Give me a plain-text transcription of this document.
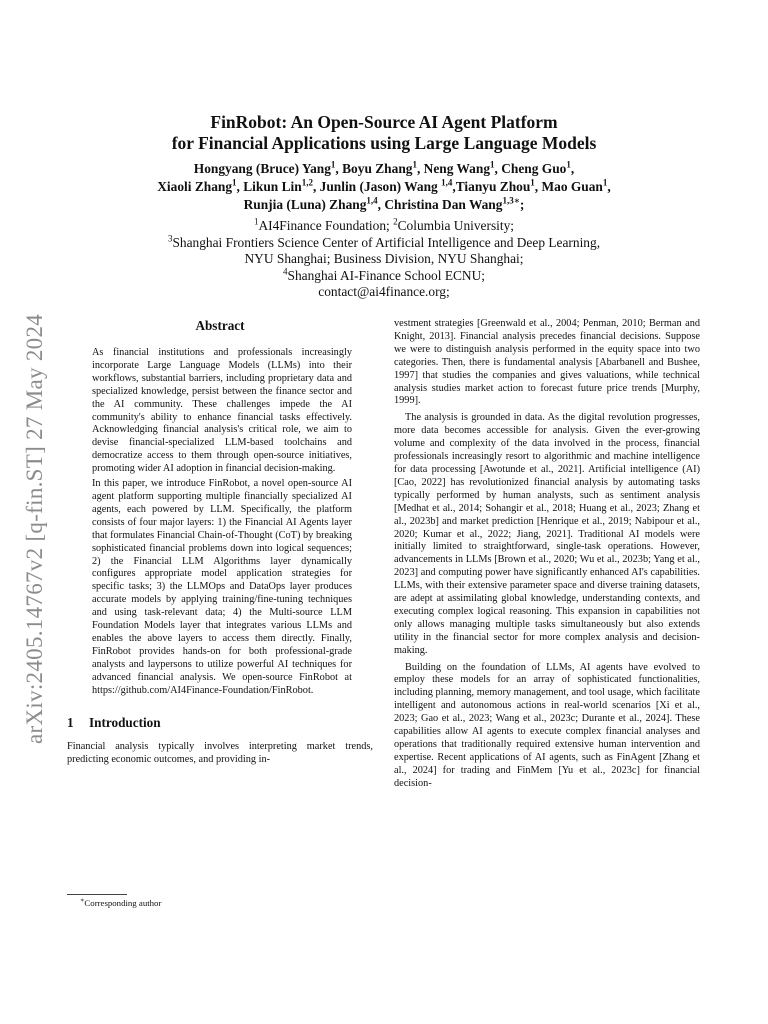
arXiv:2405.14767v2 [q-fin.ST] 27 May 2024
FinRobot: An Open-Source AI Agent Platform
for Financial Applications using Large Language Models
Hongyang (Bruce) Yang$^1$, Boyu Zhang$^1$, Neng Wang$^1$, Cheng Guo$^1$,
Xiaoli Zhang$^1$, Likun Lin$^{1,2}$, Junlin (Jason) Wang $^{1,4}$,Tianyu Zhou$^1$, Mao Guan$^1$,
Runjia (Luna) Zhang$^{1,4}$, Christina Dan Wang$^{1,3∗}$;
$^1$AI4Finance Foundation; $^2$Columbia University;
$^3$Shanghai Frontiers Science Center of Artificial Intelligence and Deep Learning,
NYU Shanghai; Business Division, NYU Shanghai;
$^4$Shanghai AI-Finance School ECNU;
contact@ai4finance.org;
Abstract

As financial institutions and professionals increasingly incorporate Large Language Models (LLMs) into their workflows, substantial barriers, including proprietary data and specialized knowledge, persist between the finance sector and the AI community. These challenges impede the AI community's ability to enhance financial tasks effectively. Acknowledging financial analysis's critical role, we aim to devise financial-specialized LLM-based toolchains and democratize access to them through open-source initiatives, promoting wider AI adoption in financial decision-making.

In this paper, we introduce FinRobot, a novel open-source AI agent platform supporting multiple financially specialized AI agents, each powered by LLM. Specifically, the platform consists of four major layers: 1) the Financial AI Agents layer that formulates Financial Chain-of-Thought (CoT) by breaking sophisticated financial problems down into logical sequences; 2) the Financial LLM Algorithms layer dynamically configures appropriate model application strategies for specific tasks; 3) the LLMOps and DataOps layer produces accurate models by applying training/fine-tuning techniques and using task-relevant data; 4) the Multi-source LLM Foundation Models layer that integrates various LLMs and enables the above layers to access them directly. Finally, FinRobot provides hands-on for both professional-grade analysts and laypersons to utilize powerful AI techniques for advanced financial analysis. We open-source FinRobot at https://github.com/AI4Finance-Foundation/FinRobot.

1 Introduction

Financial analysis typically involves interpreting market trends, predicting economic outcomes, and providing in-

vestment strategies [Greenwald et al., 2004; Penman, 2010; Berman and Knight, 2013]. Financial analysis precedes financial decisions. Suppose we were to distinguish analysis performed in the equity space into two categories. Then, there is fundamental analysis [Abarbanell and Bushee, 1997] that studies the companies and gives valuations, while technical analysis studies market action to forecast future price trends [Murphy, 1999].

The analysis is grounded in data. As the digital revolution progresses, more data becomes accessible for analysis. Given the ever-growing volume and complexity of the data involved in the process, financial professionals increasingly resort to algorithmic and machine intelligence for data processing [Awotunde et al., 2021]. Artificial intelligence (AI) [Cao, 2022] has revolutionized financial analysis by automating tasks typically performed by human analysts, such as sentiment analysis [Medhat et al., 2014; Sohangir et al., 2018; Huang et al., 2023; Zhang et al., 2023b] and market prediction [Henrique et al., 2019; Nabipour et al., 2020; Kumar et al., 2022; Jiang, 2021]. Traditional AI models were initially limited to straightforward, single-task operations. However, advancements in LLMs [Brown et al., 2020; Wu et al., 2023b; Yang et al., 2023] and computing power have significantly enhanced AI's capabilities. LLMs, with their extensive parameter space and diverse training datasets, are adept at assimilating global knowledge, understanding contexts, and executing complex logical reasoning. This expansion in capabilities not only allows managing multiple tasks simultaneously but also extends utility in the financial sector for more complex analysis and decision-making.

Building on the foundation of LLMs, AI agents have evolved to employ these models for an array of sophisticated functionalities, including planning, memory management, and tool usage, which facilitate intelligent and autonomous actions in real-world scenarios [Xi et al., 2023; Gao et al., 2023; Wang et al., 2023c; Durante et al., 2024]. These capabilities allow AI agents to execute complex financial analyses and operations that traditionally required extensive human intervention and expertise. Recent applications of AI agents, such as FinAgent [Zhang et al., 2024] for trading and FinMem [Yu et al., 2023c] for financial decision-

∗Corresponding author
